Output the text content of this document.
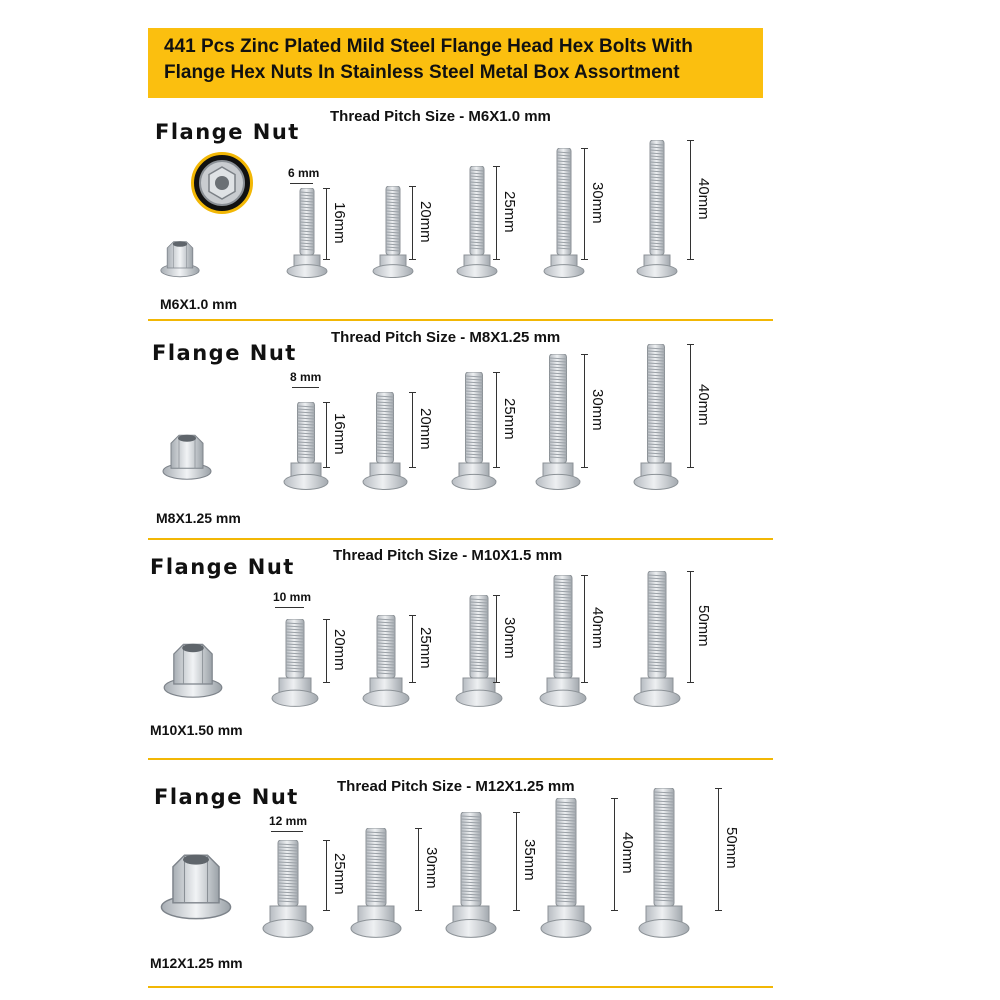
441 Pcs Zinc Plated Mild Steel Flange Head Hex Bolts With
Flange Hex Nuts In Stainless Steel Metal Box Assortment
Thread Pitch Size - M6X1.0 mm
Flange Nut
M6X1.0 mm
6 mm
16mm	20mm	25mm	30mm	40mm
Thread Pitch Size - M8X1.25 mm
Flange Nut
M8X1.25 mm
8 mm
16mm	20mm	25mm	30mm	40mm
Thread Pitch Size - M10X1.5 mm
Flange Nut
M10X1.50 mm
10 mm
20mm	25mm	30mm	40mm	50mm
Thread Pitch Size - M12X1.25 mm
Flange Nut
M12X1.25 mm
12 mm
25mm	30mm	35mm	40mm	50mm
